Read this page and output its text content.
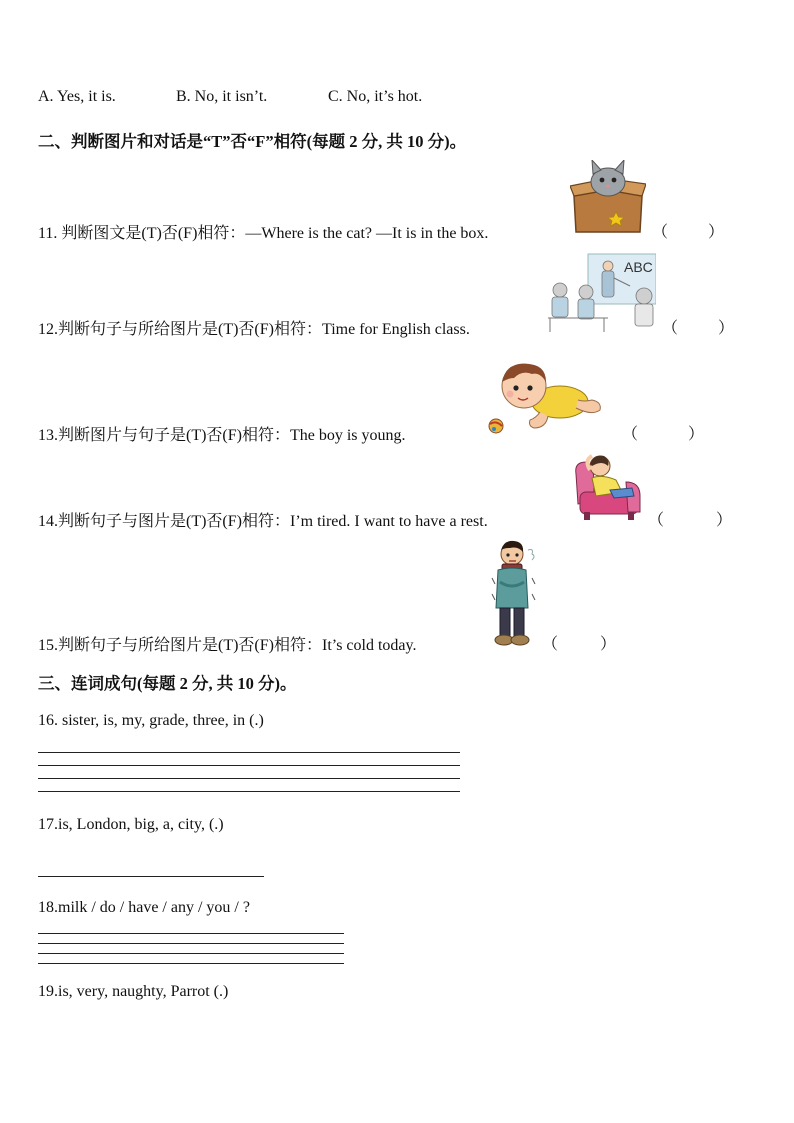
A. Yes, it is.	B. No, it isn’t.	C. No, it’s hot.
二、判断图片和对话是“T”否“F”相符(每题 2 分, 共 10 分)。
11. 判断图文是(T)否(F)相符：—Where is the cat? —It is in the box.	（ ）
12.判断句子与所给图片是(T)否(F)相符：Time for English class.
ABC
（ ）
13.判断图片与句子是(T)否(F)相符：The boy is young.	（	）
14.判断句子与图片是(T)否(F)相符：I’m tired. I want to have a rest.	（	）
15.判断句子与所给图片是(T)否(F)相符：It’s cold today.	（	）
三、连词成句(每题 2 分, 共 10 分)。
16. sister, is, my, grade, three, in (.)
17.is, London, big, a, city, (.)
18.milk / do / have / any / you / ?
19.is, very, naughty, Parrot (.)
